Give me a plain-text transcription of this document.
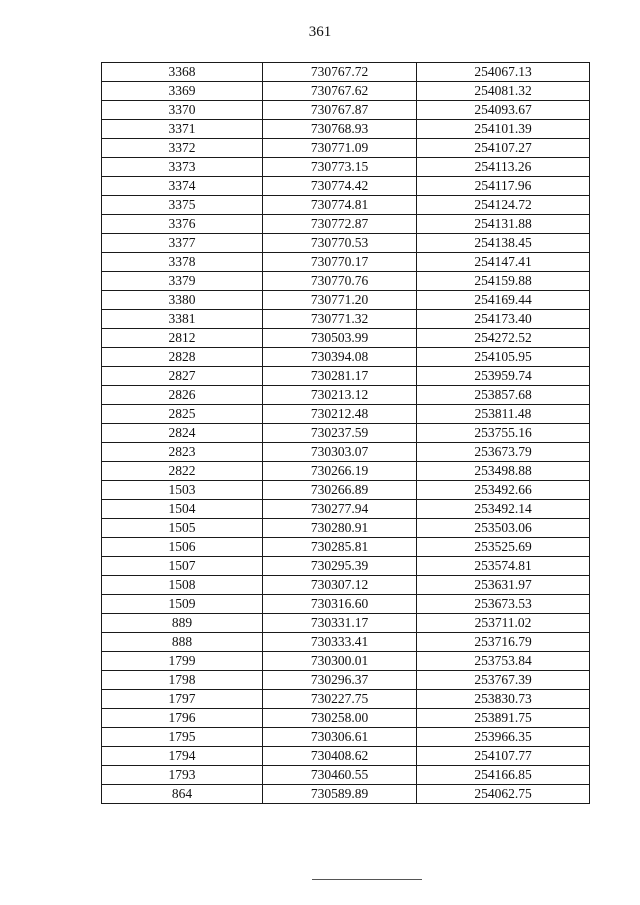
361
3368	730767.72	254067.13
3369	730767.62	254081.32
3370	730767.87	254093.67
3371	730768.93	254101.39
3372	730771.09	254107.27
3373	730773.15	254113.26
3374	730774.42	254117.96
3375	730774.81	254124.72
3376	730772.87	254131.88
3377	730770.53	254138.45
3378	730770.17	254147.41
3379	730770.76	254159.88
3380	730771.20	254169.44
3381	730771.32	254173.40
2812	730503.99	254272.52
2828	730394.08	254105.95
2827	730281.17	253959.74
2826	730213.12	253857.68
2825	730212.48	253811.48
2824	730237.59	253755.16
2823	730303.07	253673.79
2822	730266.19	253498.88
1503	730266.89	253492.66
1504	730277.94	253492.14
1505	730280.91	253503.06
1506	730285.81	253525.69
1507	730295.39	253574.81
1508	730307.12	253631.97
1509	730316.60	253673.53
889	730331.17	253711.02
888	730333.41	253716.79
1799	730300.01	253753.84
1798	730296.37	253767.39
1797	730227.75	253830.73
1796	730258.00	253891.75
1795	730306.61	253966.35
1794	730408.62	254107.77
1793	730460.55	254166.85
864	730589.89	254062.75
